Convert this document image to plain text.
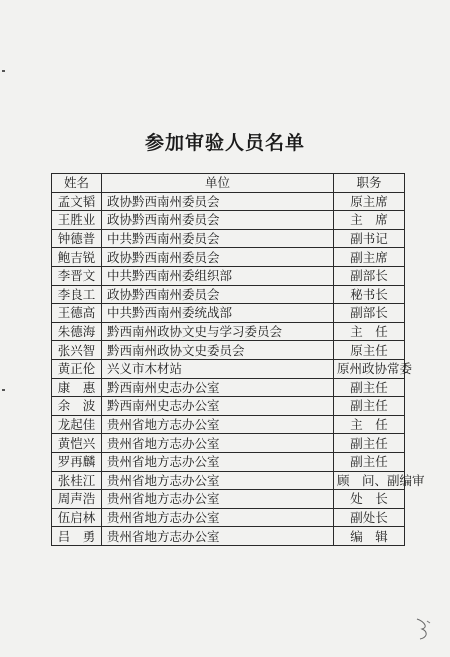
参加审验人员名单
姓名	单位	职务
孟文韬	政协黔西南州委员会	原主席
王胜业	政协黔西南州委员会	主　席
钟德普	中共黔西南州委员会	副书记
鲍吉锐	政协黔西南州委员会	副主席
李晋文	中共黔西南州委组织部	副部长
李良工	政协黔西南州委员会	秘书长
王德高	中共黔西南州委统战部	副部长
朱德海	黔西南州政协文史与学习委员会	主　任
张兴智	黔西南州政协文史委员会	原主任
黄正伦	兴义市木材站	原州政协常委
康　惠	黔西南州史志办公室	副主任
余　波	黔西南州史志办公室	副主任
龙起佳	贵州省地方志办公室	主　任
黄恺兴	贵州省地方志办公室	副主任
罗再麟	贵州省地方志办公室	副主任
张桂江	贵州省地方志办公室	顾　问、副编审
周声浩	贵州省地方志办公室	处　长
伍启林	贵州省地方志办公室	副处长
吕　勇	贵州省地方志办公室	编　辑
